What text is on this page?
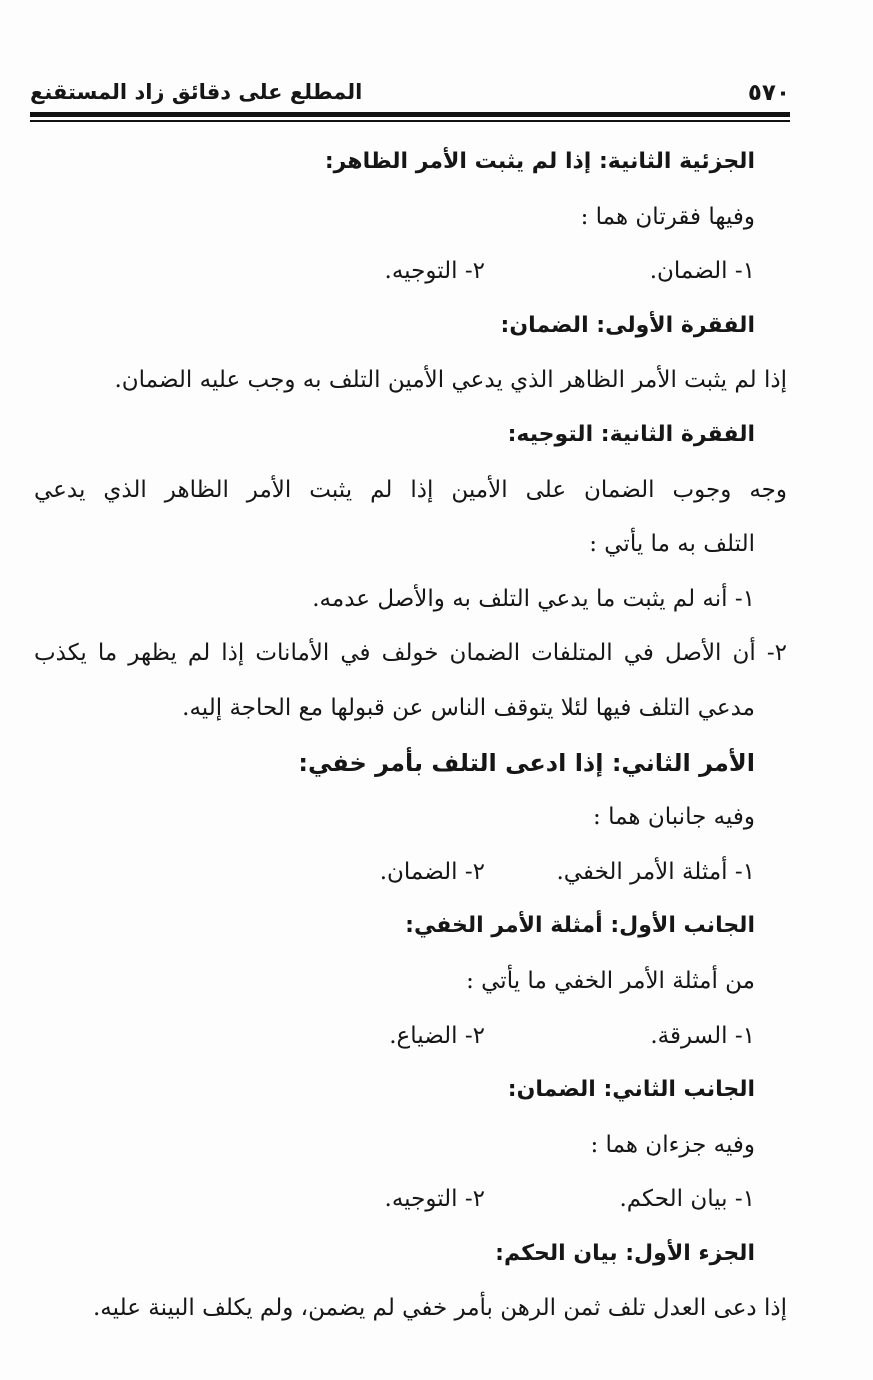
٥٧٠
المطلع على دقائق زاد المستقنع
الجزئية الثانية: إذا لم يثبت الأمر الظاهر:
وفيها فقرتان هما :
١- الضمان.٢- التوجيه.
الفقرة الأولى: الضمان:
إذا لم يثبت الأمر الظاهر الذي يدعي الأمين التلف به وجب عليه الضمان.
الفقرة الثانية: التوجيه:
وجه وجوب الضمان على الأمين إذا لم يثبت الأمر الظاهر الذي يدعي
التلف به ما يأتي :
١- أنه لم يثبت ما يدعي التلف به والأصل عدمه.
٢- أن الأصل في المتلفات الضمان خولف في الأمانات إذا لم يظهر ما يكذب
مدعي التلف فيها لئلا يتوقف الناس عن قبولها مع الحاجة إليه.
الأمر الثاني: إذا ادعى التلف بأمر خفي:
وفيه جانبان هما :
١- أمثلة الأمر الخفي.٢- الضمان.
الجانب الأول: أمثلة الأمر الخفي:
من أمثلة الأمر الخفي ما يأتي :
١- السرقة.٢- الضياع.
الجانب الثاني: الضمان:
وفيه جزءان هما :
١- بيان الحكم.٢- التوجيه.
الجزء الأول: بيان الحكم:
إذا دعى العدل تلف ثمن الرهن بأمر خفي لم يضمن، ولم يكلف البينة عليه.
